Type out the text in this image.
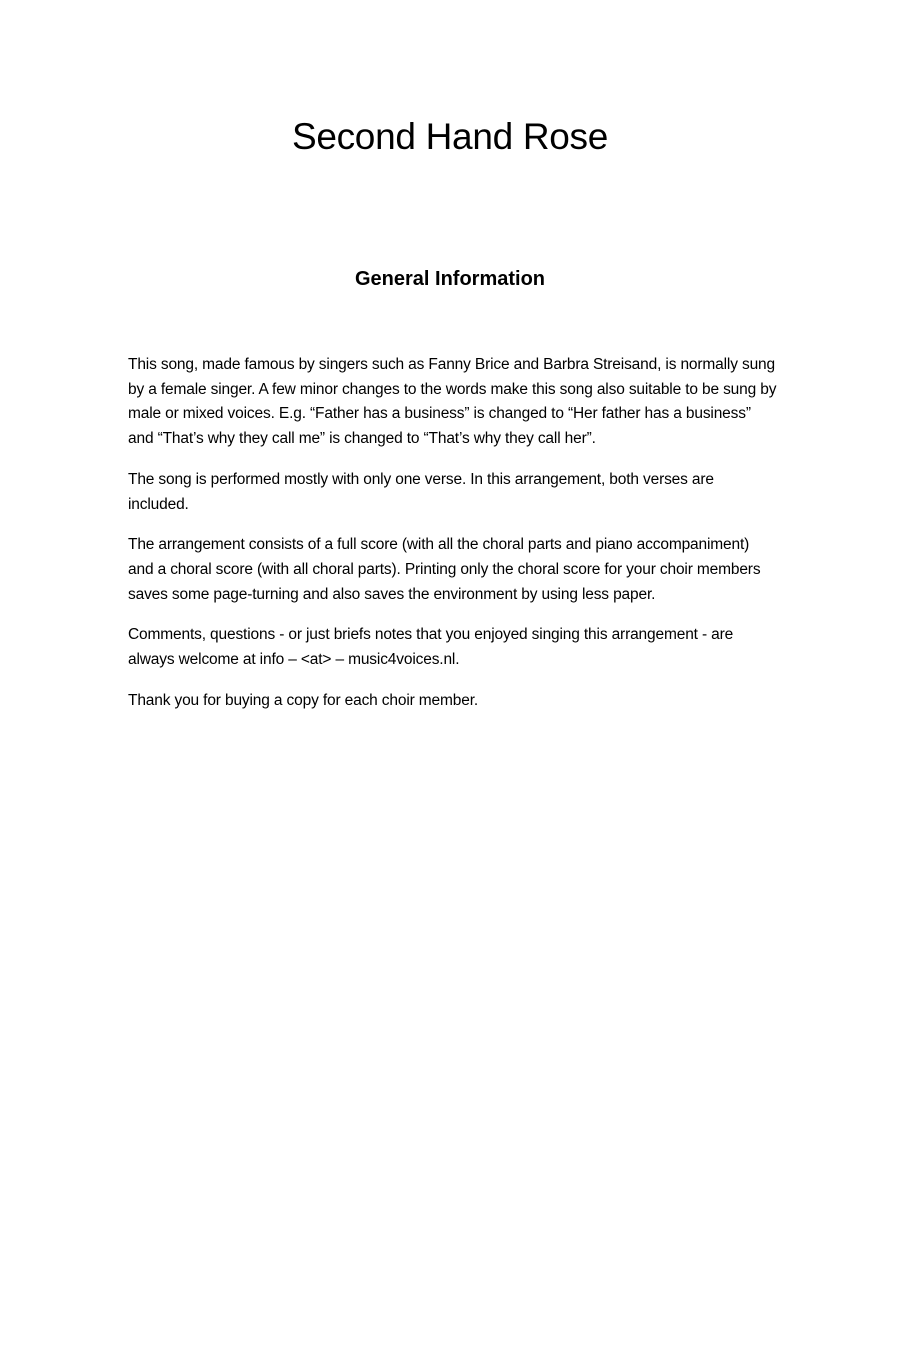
Second Hand Rose
General Information

This song, made famous by singers such as Fanny Brice and Barbra Streisand, is normally sung by a female singer. A few minor changes to the words make this song also suitable to be sung by male or mixed voices. E.g. “Father has a business” is changed to “Her father has a business” and “That’s why they call me” is changed to “That’s why they call her”.

The song is performed mostly with only one verse. In this arrangement, both verses are included.

The arrangement consists of a full score (with all the choral parts and piano accompaniment) and a choral score (with all choral parts). Printing only the choral score for your choir members saves some page-turning and also saves the environment by using less paper.

Comments, questions - or just briefs notes that you enjoyed singing this arrangement - are always welcome at info – <at> – music4voices.nl.

Thank you for buying a copy for each choir member.
